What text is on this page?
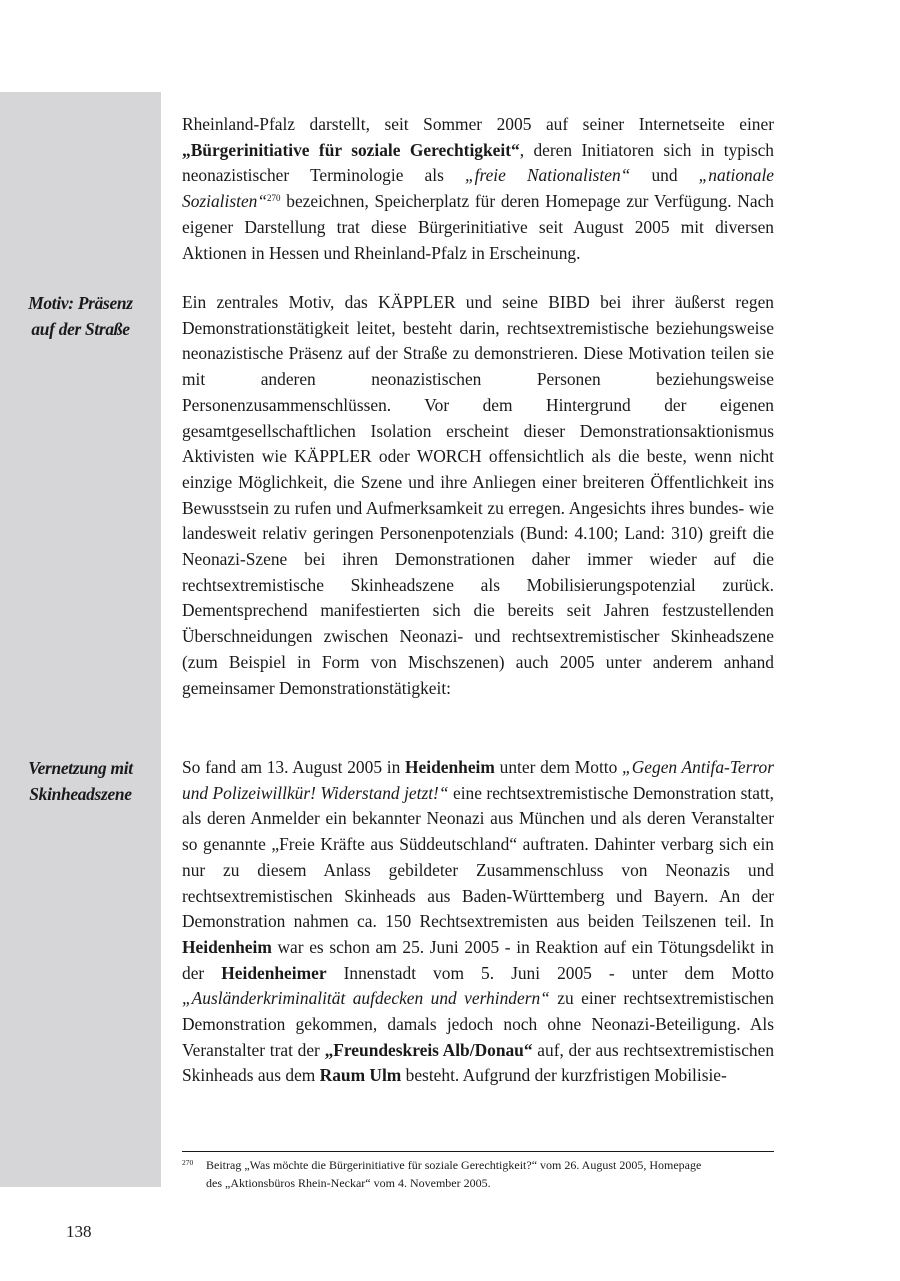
Motiv: Präsenz
auf der Straße
Vernetzung mit
Skinheadszene

Rheinland-Pfalz darstellt, seit Sommer 2005 auf seiner Internetseite einer „Bürgerinitiative für soziale Gerechtigkeit“, deren Initiatoren sich in typisch neonazistischer Terminologie als „freie Nationalisten“ und „nationale Sozialisten“$^{270}$ bezeichnen, Speicherplatz für deren Homepage zur Verfügung. Nach eigener Darstellung trat diese Bürgerinitiative seit August 2005 mit diversen Aktionen in Hessen und Rheinland-Pfalz in Erscheinung.

Ein zentrales Motiv, das KÄPPLER und seine BIBD bei ihrer äußerst regen Demonstrationstätigkeit leitet, besteht darin, rechtsextremistische beziehungsweise neonazistische Präsenz auf der Straße zu demonstrieren. Diese Motivation teilen sie mit anderen neonazistischen Personen beziehungsweise Personenzusammenschlüssen. Vor dem Hintergrund der eigenen gesamtgesellschaftlichen Isolation erscheint dieser Demonstrationsaktionismus Aktivisten wie KÄPPLER oder WORCH offensichtlich als die beste, wenn nicht einzige Möglichkeit, die Szene und ihre Anliegen einer breiteren Öffentlichkeit ins Bewusstsein zu rufen und Aufmerksamkeit zu erregen. Angesichts ihres bundes- wie landesweit relativ geringen Personenpotenzials (Bund: 4.100; Land: 310) greift die Neonazi-Szene bei ihren Demonstrationen daher immer wieder auf die rechtsextremistische Skinheadszene als Mobilisierungspotenzial zurück. Dementsprechend manifestierten sich die bereits seit Jahren festzustellenden Überschneidungen zwischen Neonazi- und rechtsextremistischer Skinheadszene (zum Beispiel in Form von Mischszenen) auch 2005 unter anderem anhand gemeinsamer Demonstrationstätigkeit:

So fand am 13. August 2005 in Heidenheim unter dem Motto „Gegen Antifa-Terror und Polizeiwillkür! Widerstand jetzt!“ eine rechtsextremistische Demonstration statt, als deren Anmelder ein bekannter Neonazi aus München und als deren Veranstalter so genannte „Freie Kräfte aus Süddeutschland“ auftraten. Dahinter verbarg sich ein nur zu diesem Anlass gebildeter Zusammenschluss von Neonazis und rechtsextremistischen Skinheads aus Baden-Württemberg und Bayern. An der Demonstration nahmen ca. 150 Rechtsextremisten aus beiden Teilszenen teil. In Heidenheim war es schon am 25. Juni 2005 - in Reaktion auf ein Tötungsdelikt in der Heidenheimer Innenstadt vom 5. Juni 2005 - unter dem Motto „Ausländerkriminalität aufdecken und verhindern“ zu einer rechtsextremistischen Demonstration gekommen, damals jedoch noch ohne Neonazi-Beteiligung. Als Veranstalter trat der „Freundeskreis Alb/Donau“ auf, der aus rechtsextremistischen Skinheads aus dem Raum Ulm besteht. Aufgrund der kurzfristigen Mobilisie-

270 Beitrag „Was möchte die Bürgerinitiative für soziale Gerechtigkeit?“ vom 26. August 2005, Homepage
des „Aktionsbüros Rhein-Neckar“ vom 4. November 2005.
138
